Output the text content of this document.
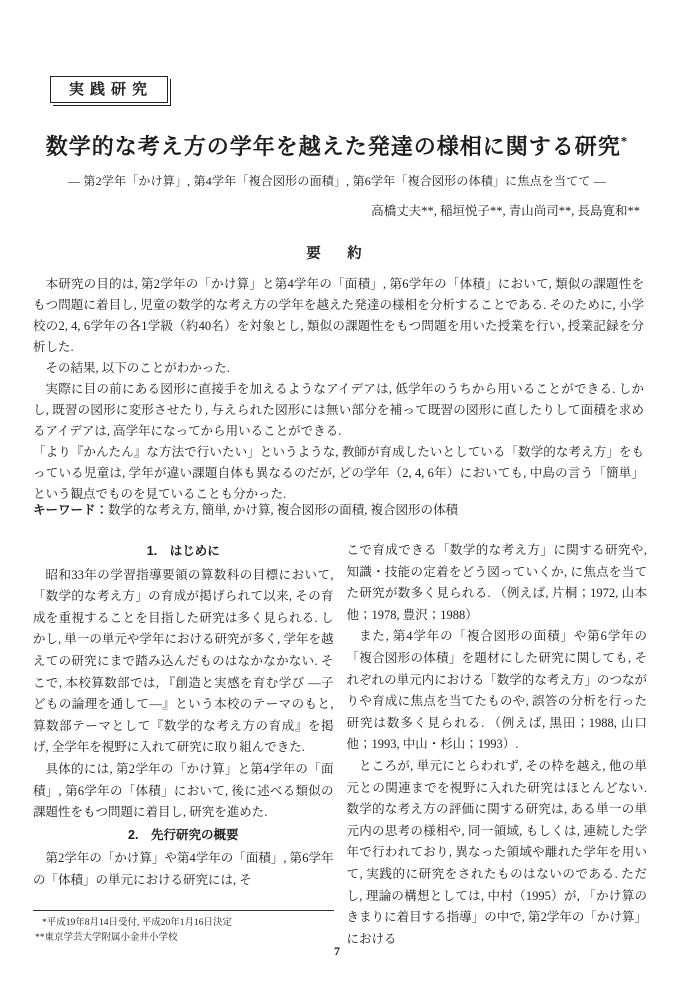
実践研究
数学的な考え方の学年を越えた発達の様相に関する研究*
― 第2学年「かけ算」, 第4学年「複合図形の面積」, 第6学年「複合図形の体積」に焦点を当てて ―
高橋丈夫**, 稲垣悦子**, 青山尚司**, 長島寛和**
要　約

本研究の目的は, 第2学年の「かけ算」と第4学年の「面積」, 第6学年の「体積」において, 類似の課題性をもつ問題に着目し, 児童の数学的な考え方の学年を越えた発達の様相を分析することである. そのために, 小学校の2, 4, 6学年の各1学級（約40名）を対象とし, 類似の課題性をもつ問題を用いた授業を行い, 授業記録を分析した.

その結果, 以下のことがわかった.

実際に目の前にある図形に直接手を加えるようなアイデアは, 低学年のうちから用いることができる. しかし, 既習の図形に変形させたり, 与えられた図形には無い部分を補って既習の図形に直したりして面積を求めるアイデアは, 高学年になってから用いることができる.

「より『かんたん』な方法で行いたい」というような, 教師が育成したいとしている「数学的な考え方」をもっている児童は, 学年が違い課題自体も異なるのだが, どの学年（2, 4, 6年）においても, 中島の言う「簡単」という観点でものを見ていることも分かった.

キーワード：数学的な考え方, 簡単, かけ算, 複合図形の面積, 複合図形の体積
1.　はじめに

昭和33年の学習指導要領の算数科の目標において, 「数学的な考え方」の育成が掲げられて以来, その育成を重視することを目指した研究は多く見られる. しかし, 単一の単元や学年における研究が多く, 学年を越えての研究にまで踏み込んだものはなかなかない. そこで, 本校算数部では, 『創造と実感を育む学び ―子どもの論理を通して―』という本校のテーマのもと, 算数部テーマとして『数学的な考え方の育成』を掲げ, 全学年を視野に入れて研究に取り組んできた.

具体的には, 第2学年の「かけ算」と第4学年の「面積」, 第6学年の「体積」において, 後に述べる類似の課題性をもつ問題に着目し, 研究を進めた.

2.　先行研究の概要

第2学年の「かけ算」や第4学年の「面積」, 第6学年の「体積」の単元における研究には, そ

*平成19年8月14日受付, 平成20年1月16日決定
**東京学芸大学附属小金井小学校

こで育成できる「数学的な考え方」に関する研究や, 知識・技能の定着をどう図っていくか, に焦点を当てた研究が数多く見られる. （例えば, 片桐；1972, 山本他；1978, 豊沢；1988）

また, 第4学年の「複合図形の面積」や第6学年の「複合図形の体積」を題材にした研究に関しても, それぞれの単元内における「数学的な考え方」のつながりや育成に焦点を当てたものや, 誤答の分析を行った研究は数多く見られる. （例えば, 黒田；1988, 山口他；1993, 中山・杉山；1993）.

ところが, 単元にとらわれず, その枠を越え, 他の単元との関連までを視野に入れた研究はほとんどない. 数学的な考え方の評価に関する研究は, ある単一の単元内の思考の様相や, 同一領域, もしくは, 連続した学年で行われており, 異なった領域や離れた学年を用いて, 実践的に研究をされたものはないのである. ただし, 理論の構想としては, 中村（1995）が, 「かけ算のきまりに着目する指導」の中で, 第2学年の「かけ算」における

7
